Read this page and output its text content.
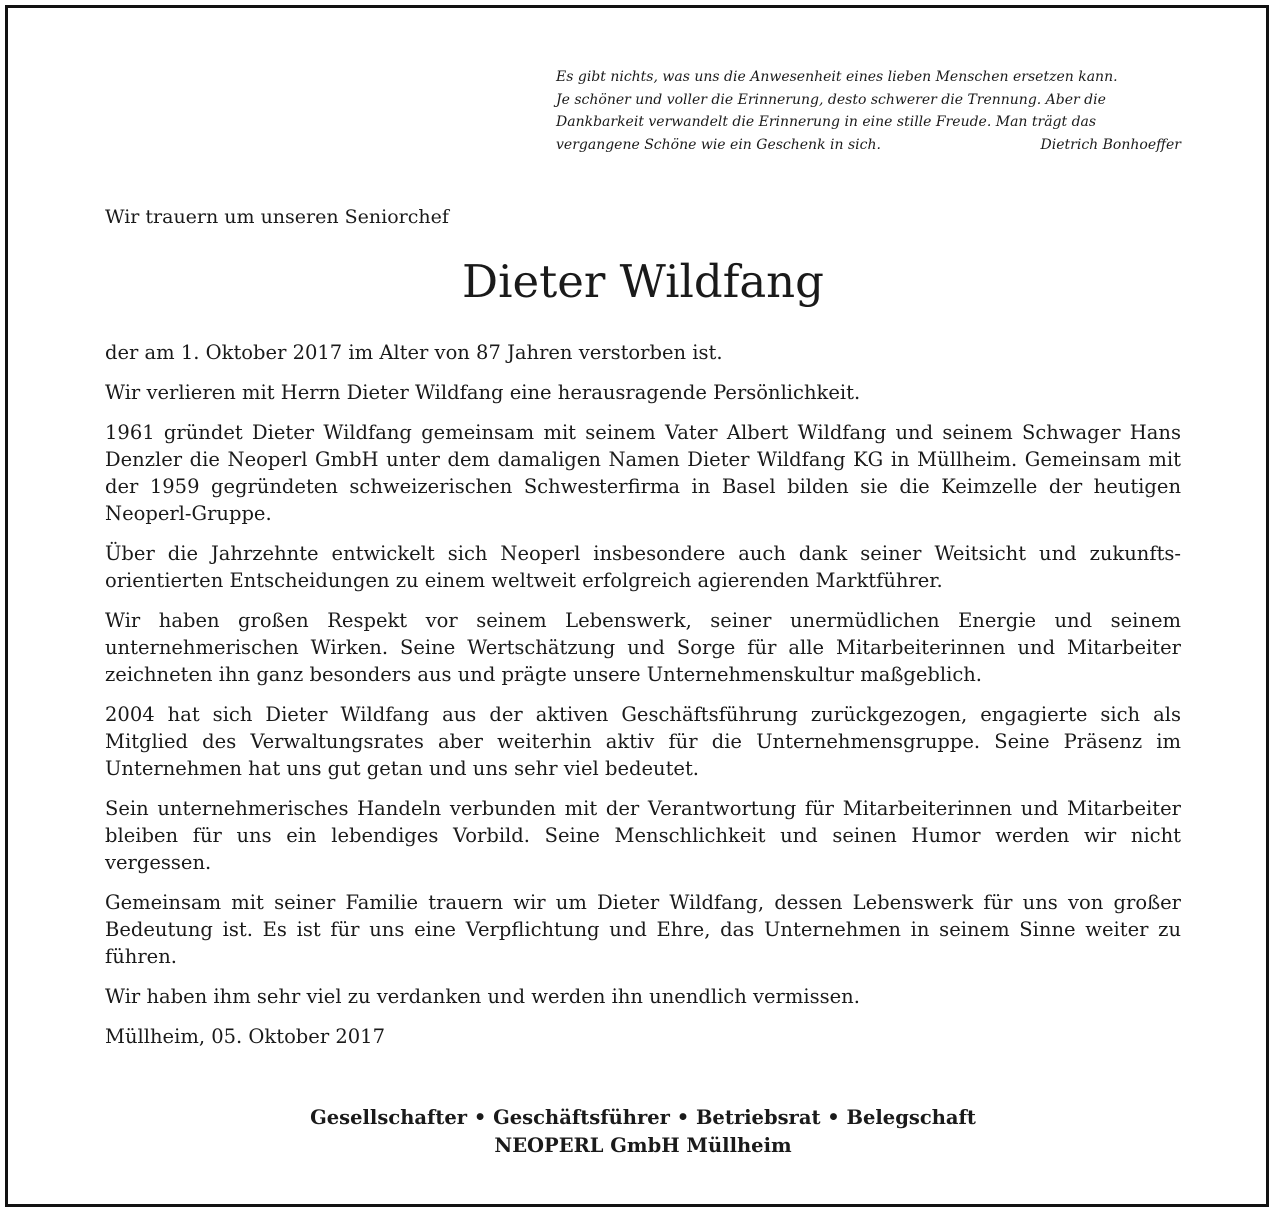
Es gibt nichts, was uns die Anwesenheit eines lieben Menschen ersetzen kann.
Je schöner und voller die Erinnerung, desto schwerer die Trennung. Aber die
Dankbarkeit verwandelt die Erinnerung in eine stille Freude. Man trägt das
vergangene Schöne wie ein Geschenk in sich.	Dietrich Bonhoeffer
Wir trauern um unseren Seniorchef
Dieter Wildfang

der am 1. Oktober 2017 im Alter von 87 Jahren verstorben ist.

Wir verlieren mit Herrn Dieter Wildfang eine herausragende Persönlichkeit.

1961 gründet Dieter Wildfang gemeinsam mit seinem Vater Albert Wildfang und seinem Schwager Hans Denzler die Neoperl GmbH unter dem damaligen Namen Dieter Wildfang KG in Müllheim. Gemeinsam mit der 1959 gegründeten schweizerischen Schwesterfirma in Basel bilden sie die Keimzelle der heutigen Neoperl-Gruppe.

Über die Jahrzehnte entwickelt sich Neoperl insbesondere auch dank seiner Weitsicht und zukunfts-orientierten Entscheidungen zu einem weltweit erfolgreich agierenden Marktführer.

Wir haben großen Respekt vor seinem Lebenswerk, seiner unermüdlichen Energie und seinem unternehmerischen Wirken. Seine Wertschätzung und Sorge für alle Mitarbeiterinnen und Mitarbeiter zeichneten ihn ganz besonders aus und prägte unsere Unternehmenskultur maßgeblich.

2004 hat sich Dieter Wildfang aus der aktiven Geschäftsführung zurückgezogen, engagierte sich als Mitglied des Verwaltungsrates aber weiterhin aktiv für die Unternehmensgruppe. Seine Präsenz im Unternehmen hat uns gut getan und uns sehr viel bedeutet.

Sein unternehmerisches Handeln verbunden mit der Verantwortung für Mitarbeiterinnen und Mitarbeiter bleiben für uns ein lebendiges Vorbild. Seine Menschlichkeit und seinen Humor werden wir nicht vergessen.

Gemeinsam mit seiner Familie trauern wir um Dieter Wildfang, dessen Lebenswerk für uns von großer Bedeutung ist. Es ist für uns eine Verpflichtung und Ehre, das Unternehmen in seinem Sinne weiter zu führen.

Wir haben ihm sehr viel zu verdanken und werden ihn unendlich vermissen.

Müllheim, 05. Oktober 2017

Gesellschafter • Geschäftsführer • Betriebsrat • Belegschaft
NEOPERL GmbH Müllheim
